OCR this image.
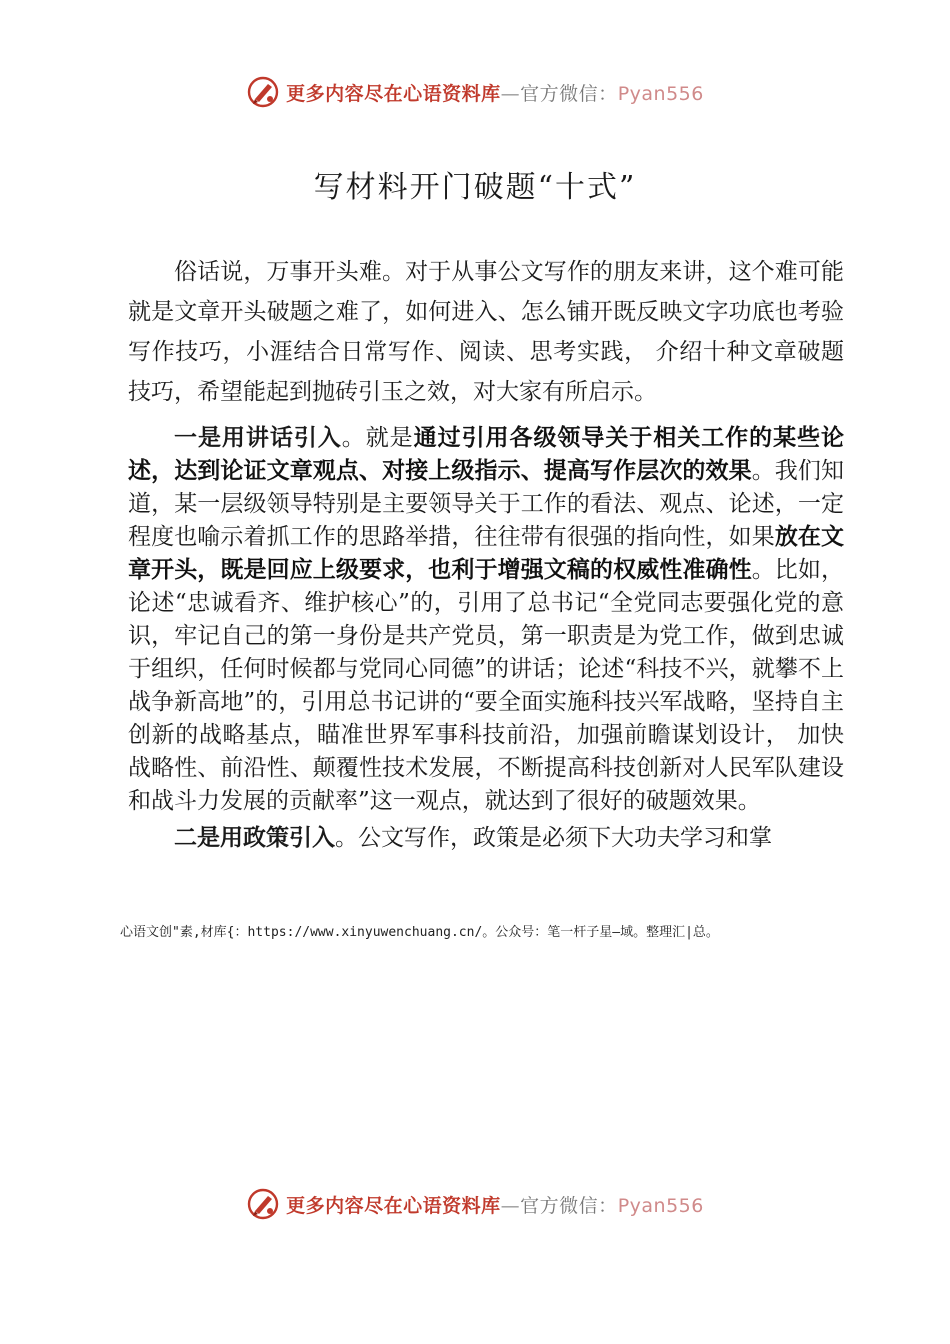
更多内容尽在心语资料库—官方微信：Pyan556
写材料开门破题“十式”

俗话说，万事开头难。对于从事公文写作的朋友来讲，这个难可能就是文章开头破题之难了，如何进入、怎么铺开既反映文字功底也考验写作技巧，小涯结合日常写作、阅读、思考实践， 介绍十种文章破题技巧，希望能起到抛砖引玉之效，对大家有所启示。

一是用讲话引入。就是通过引用各级领导关于相关工作的某些论述，达到论证文章观点、对接上级指示、提高写作层次的效果。我们知道，某一层级领导特别是主要领导关于工作的看法、观点、论述，一定程度也喻示着抓工作的思路举措，往往带有很强的指向性，如果放在文章开头，既是回应上级要求，也利于增强文稿的权威性准确性。比如，论述“忠诚看齐、维护核心”的，引用了总书记“全党同志要强化党的意识，牢记自己的第一身份是共产党员，第一职责是为党工作，做到忠诚于组织，任何时候都与党同心同德”的讲话；论述“科技不兴，就攀不上战争新高地”的，引用总书记讲的“要全面实施科技兴军战略，坚持自主创新的战略基点，瞄准世界军事科技前沿，加强前瞻谋划设计， 加快战略性、前沿性、颠覆性技术发展，不断提高科技创新对人民军队建设和战斗力发展的贡献率”这一观点，就达到了很好的破题效果。

二是用政策引入。公文写作，政策是必须下大功夫学习和掌

心语文创"素,材库{：https://www.xinyuwenchuang.cn/。公众号：笔一杆子星—域。整理汇|总。
更多内容尽在心语资料库—官方微信：Pyan556
